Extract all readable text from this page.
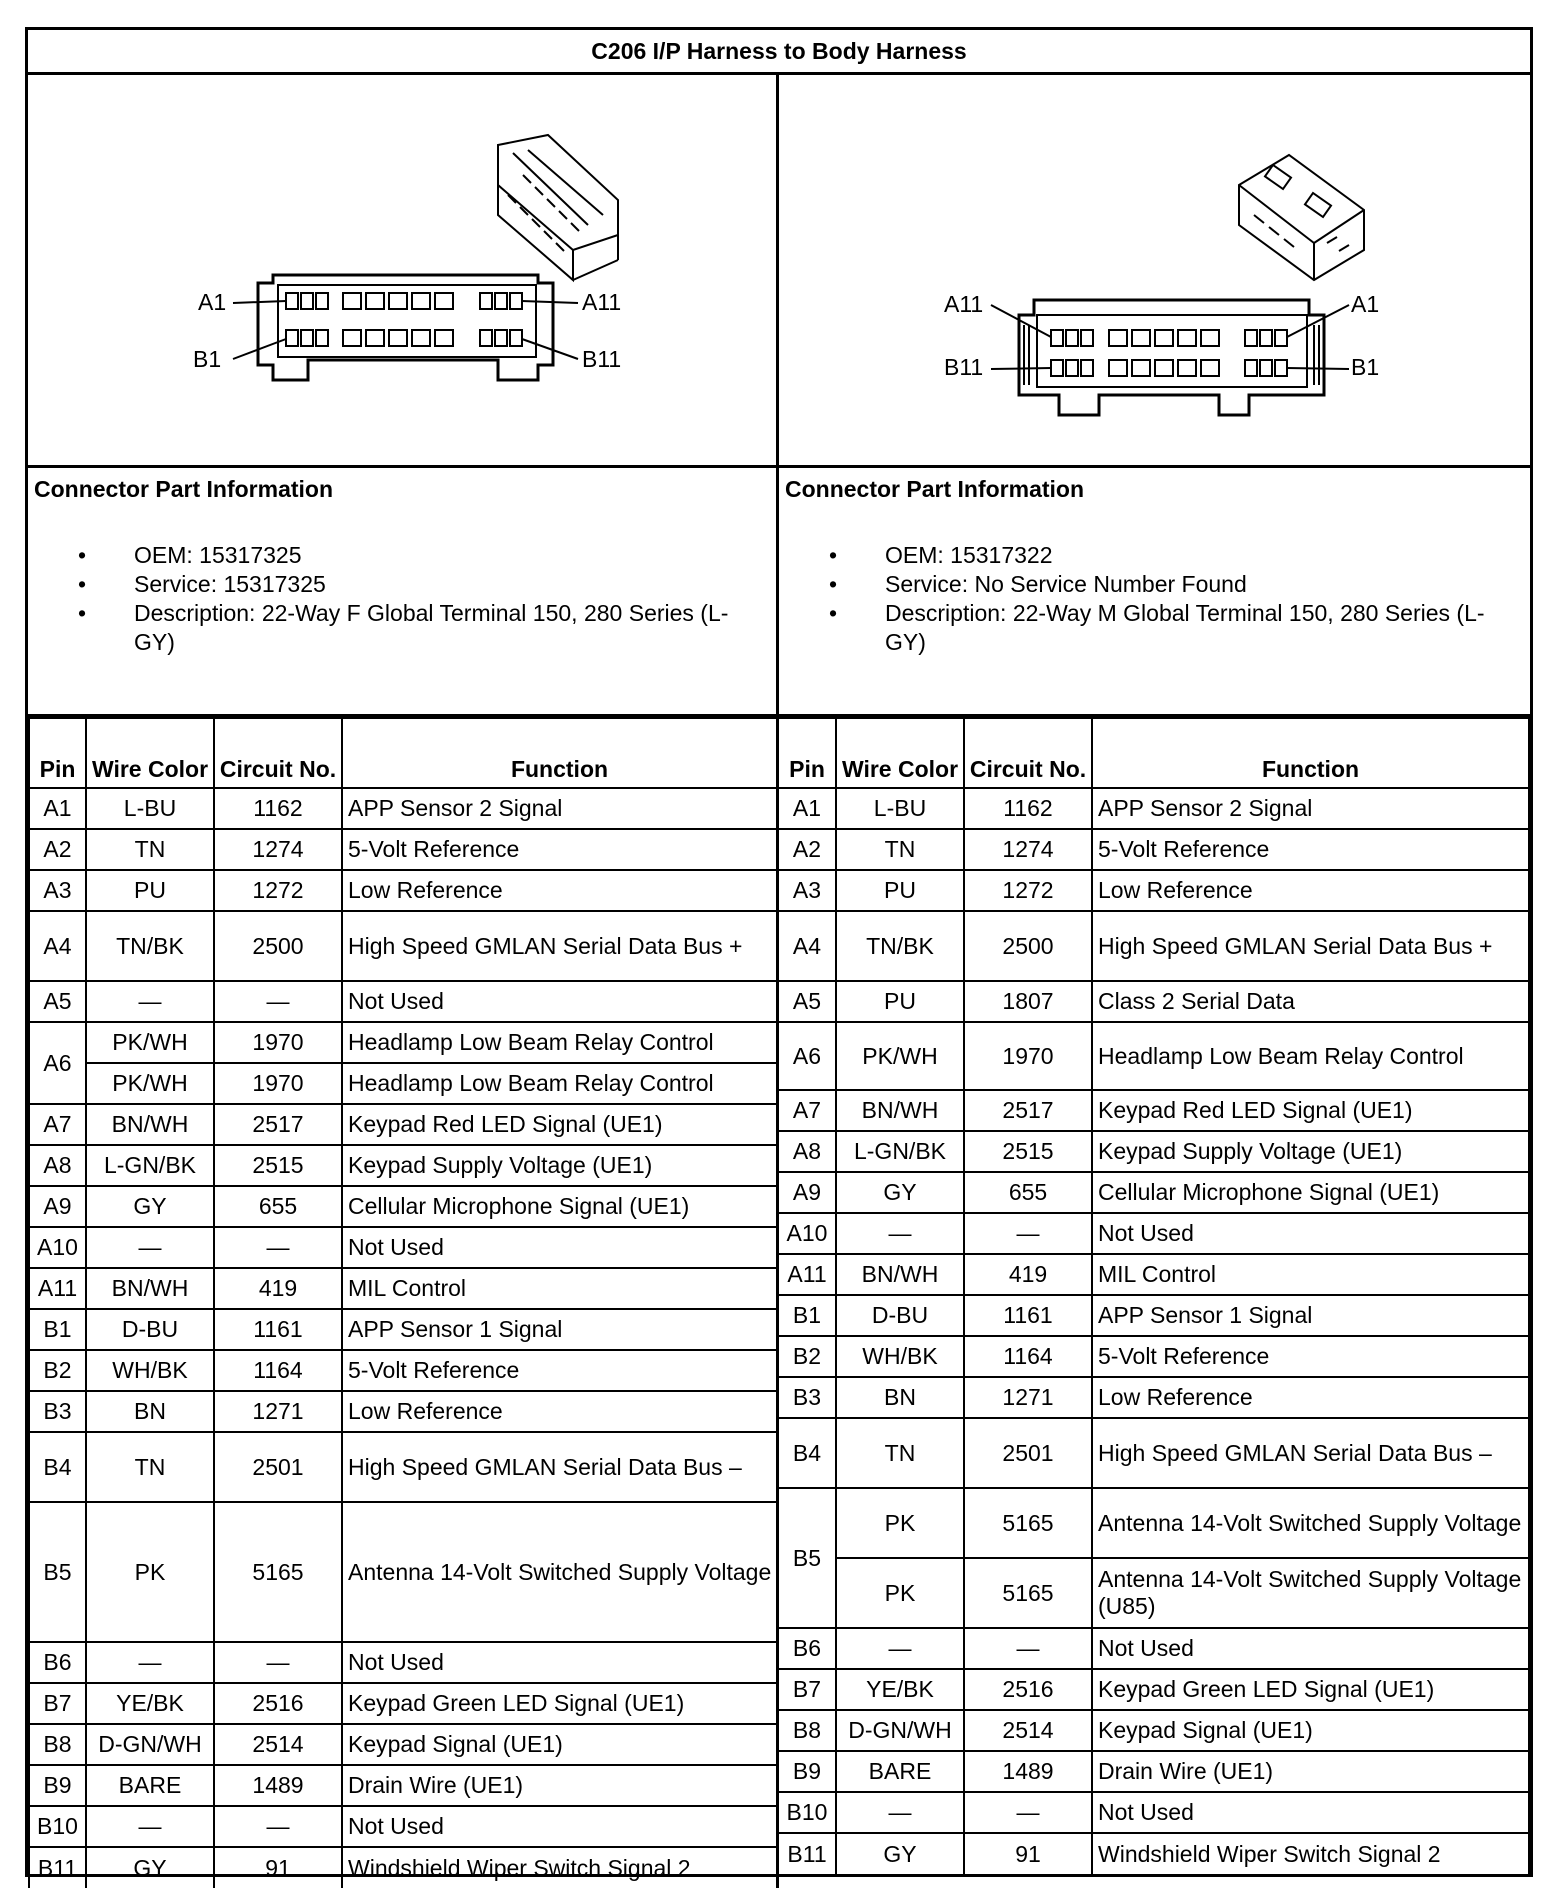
C206 I/P Harness to Body Harness
A1
B1
A11
B11
A11
B11
A1
B1
Connector Part Information
• OEM: 15317325
• Service: 15317325
• Description: 22-Way F Global Terminal 150, 280 Series (L-GY)
Connector Part Information
• OEM: 15317322
• Service: No Service Number Found
• Description: 22-Way M Global Terminal 150, 280 Series (L-GY)
Pin	Wire Color	Circuit No.	Function
A1	L-BU	1162	APP Sensor 2 Signal
A2	TN	1274	5-Volt Reference
A3	PU	1272	Low Reference
A4	TN/BK	2500	High Speed GMLAN Serial Data Bus +
A5	—	—	Not Used
A6	PK/WH	1970	Headlamp Low Beam Relay Control
	PK/WH	1970	Headlamp Low Beam Relay Control
A7	BN/WH	2517	Keypad Red LED Signal (UE1)
A8	L-GN/BK	2515	Keypad Supply Voltage (UE1)
A9	GY	655	Cellular Microphone Signal (UE1)
A10	—	—	Not Used
A11	BN/WH	419	MIL Control
B1	D-BU	1161	APP Sensor 1 Signal
B2	WH/BK	1164	5-Volt Reference
B3	BN	1271	Low Reference
B4	TN	2501	High Speed GMLAN Serial Data Bus –
B5	PK	5165	Antenna 14-Volt Switched Supply Voltage
B6	—	—	Not Used
B7	YE/BK	2516	Keypad Green LED Signal (UE1)
B8	D-GN/WH	2514	Keypad Signal (UE1)
B9	BARE	1489	Drain Wire (UE1)
B10	—	—	Not Used
B11	GY	91	Windshield Wiper Switch Signal 2
Pin	Wire Color	Circuit No.	Function
A1	L-BU	1162	APP Sensor 2 Signal
A2	TN	1274	5-Volt Reference
A3	PU	1272	Low Reference
A4	TN/BK	2500	High Speed GMLAN Serial Data Bus +
A5	PU	1807	Class 2 Serial Data
A6	PK/WH	1970	Headlamp Low Beam Relay Control
A7	BN/WH	2517	Keypad Red LED Signal (UE1)
A8	L-GN/BK	2515	Keypad Supply Voltage (UE1)
A9	GY	655	Cellular Microphone Signal (UE1)
A10	—	—	Not Used
A11	BN/WH	419	MIL Control
B1	D-BU	1161	APP Sensor 1 Signal
B2	WH/BK	1164	5-Volt Reference
B3	BN	1271	Low Reference
B4	TN	2501	High Speed GMLAN Serial Data Bus –
B5	PK	5165	Antenna 14-Volt Switched Supply Voltage
	PK	5165	Antenna 14-Volt Switched Supply Voltage (U85)
B6	—	—	Not Used
B7	YE/BK	2516	Keypad Green LED Signal (UE1)
B8	D-GN/WH	2514	Keypad Signal (UE1)
B9	BARE	1489	Drain Wire (UE1)
B10	—	—	Not Used
B11	GY	91	Windshield Wiper Switch Signal 2
